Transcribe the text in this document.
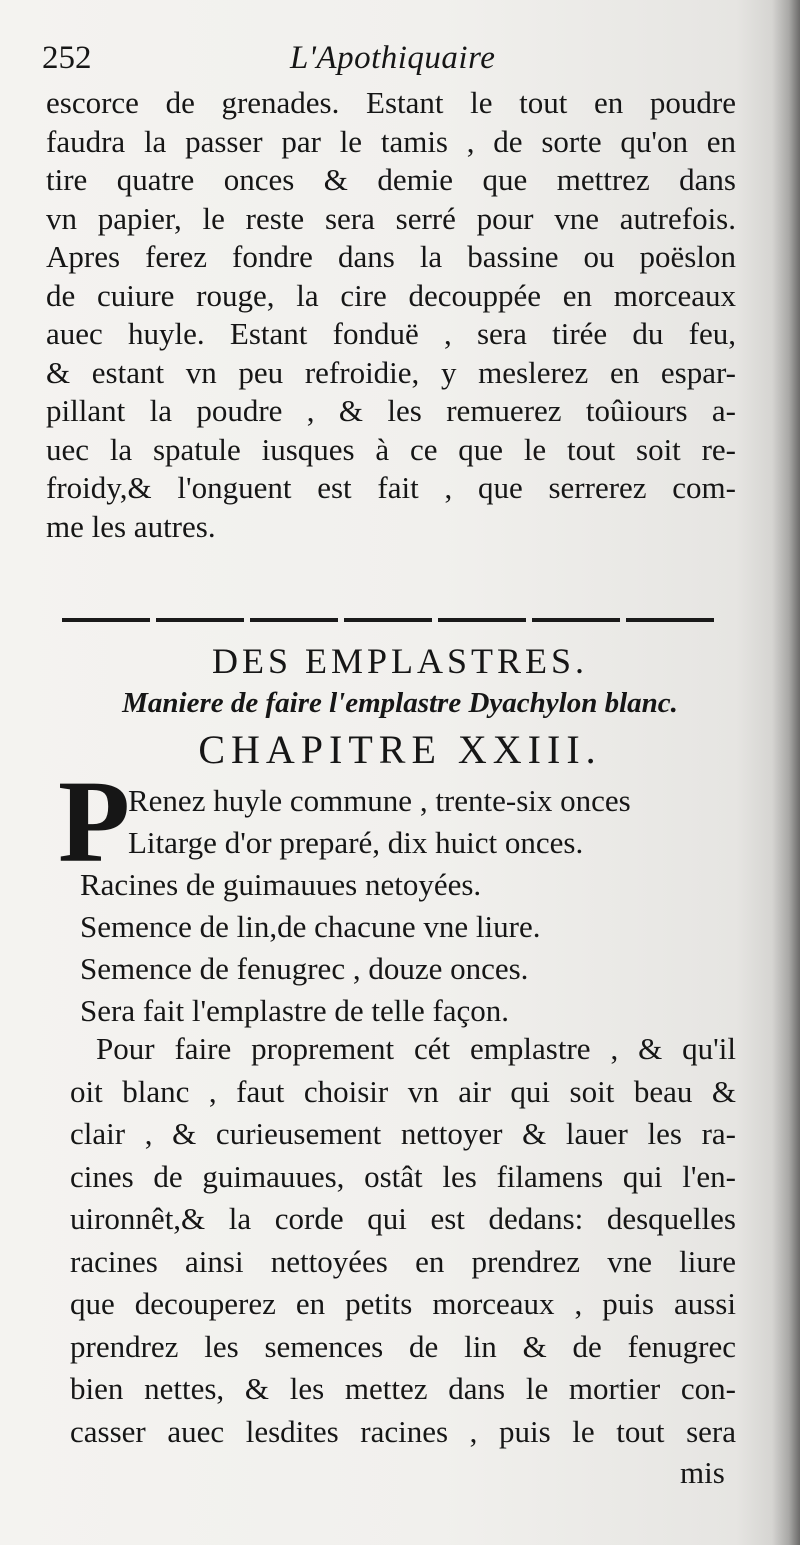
252	L'Apothiquaire
escorce de grenades. Estant le tout en poudre
faudra la passer par le tamis , de sorte qu'on en
tire quatre onces & demie que mettrez dans
vn papier, le reste sera serré pour vne autrefois.
Apres ferez fondre dans la bassine ou poëslon
de cuiure rouge, la cire decouppée en morceaux
auec huyle. Estant fonduë , sera tirée du feu,
& estant vn peu refroidie, y meslerez en espar-
pillant la poudre , & les remuerez toûiours a-
uec la spatule iusques à ce que le tout soit re-
froidy,& l'onguent est fait , que serrerez com-
me les autres.
DES EMPLASTRES.
Maniere de faire l'emplastre Dyachylon blanc.
CHAPITRE XXIII.
P
Renez huyle commune , trente-six onces
Litarge d'or preparé, dix huict onces.
Racines de guimauues netoyées.
Semence de lin,de chacune vne liure.
Semence de fenugrec , douze onces.
Sera fait l'emplastre de telle façon.
Pour faire proprement cét emplastre , & qu'il
oit blanc , faut choisir vn air qui soit beau &
clair , & curieusement nettoyer & lauer les ra-
cines de guimauues, ostât les filamens qui l'en-
uironnêt,& la corde qui est dedans: desquelles
racines ainsi nettoyées en prendrez vne liure
que decouperez en petits morceaux , puis aussi
prendrez les semences de lin & de fenugrec
bien nettes, & les mettez dans le mortier con-
casser auec lesdites racines , puis le tout sera
mis
